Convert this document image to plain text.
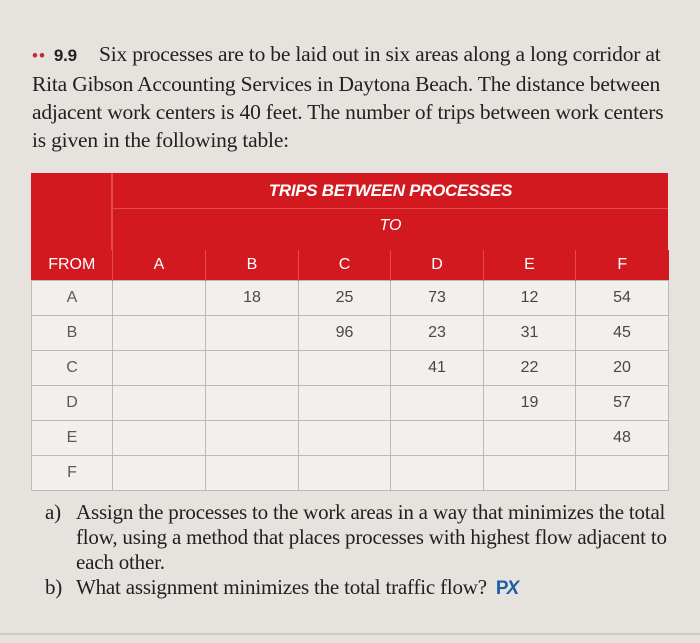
•• 9.9 Six processes are to be laid out in six areas along a long corridor at Rita Gibson Accounting Services in Daytona Beach. The distance between adjacent work centers is 40 feet. The number of trips between work centers is given in the following table:
TRIPS BETWEEN PROCESSES
TO
FROM	A	B	C	D	E	F
A		18	25	73	12	54
B			96	23	31	45
C				41	22	20
D					19	57
E						48
F						
a) Assign the processes to the work areas in a way that minimizes the total flow, using a method that places processes with highest flow adjacent to each other.
b) What assignment minimizes the total traffic flow? PX
